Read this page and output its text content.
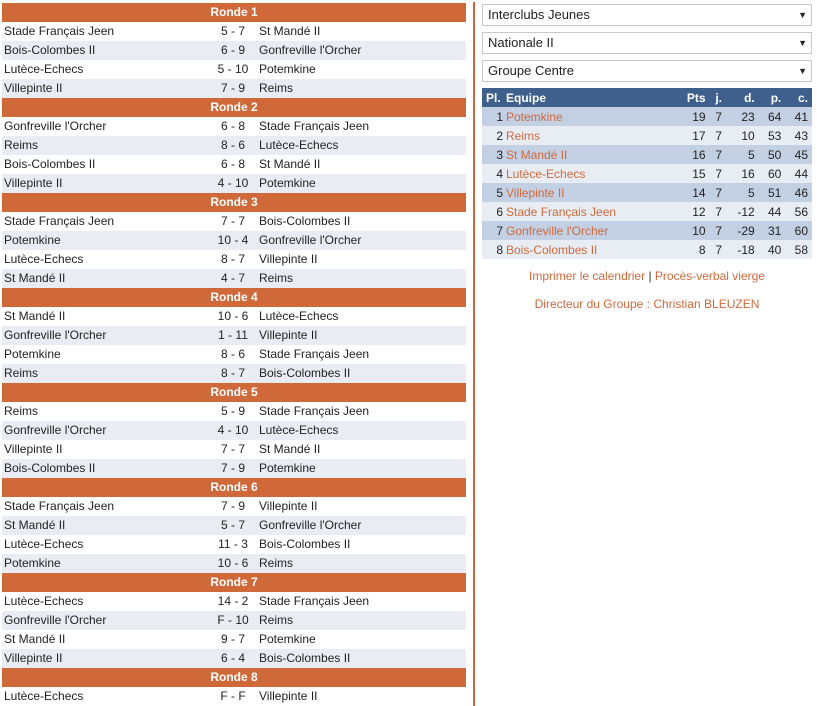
Ronde 1
Stade Français Jeen	5 - 7	St Mandé II
Bois-Colombes II	6 - 9	Gonfreville l'Orcher
Lutèce-Echecs	5 - 10 Potemkine
Villepinte II	7 - 9	Reims
Ronde 2
Gonfreville l'Orcher	6 - 8	Stade Français Jeen
Reims	8 - 6	Lutèce-Echecs
Bois-Colombes II	6 - 8	St Mandé II
Villepinte II	4 - 10 Potemkine
Ronde 3
Stade Français Jeen	7 - 7	Bois-Colombes II
Potemkine	10 - 4 Gonfreville l'Orcher
Lutèce-Echecs	8 - 7	Villepinte II
St Mandé II	4 - 7	Reims
Ronde 4
St Mandé II	10 - 6 Lutèce-Echecs
Gonfreville l'Orcher	1 - 11 Villepinte II
Potemkine	8 - 6	Stade Français Jeen
Reims	8 - 7	Bois-Colombes II
Ronde 5
Reims	5 - 9	Stade Français Jeen
Gonfreville l'Orcher	4 - 10 Lutèce-Echecs
Villepinte II	7 - 7	St Mandé II
Bois-Colombes II	7 - 9	Potemkine
Ronde 6
Stade Français Jeen	7 - 9	Villepinte II
St Mandé II	5 - 7	Gonfreville l'Orcher
Lutèce-Echecs	11 - 3 Bois-Colombes II
Potemkine	10 - 6 Reims
Ronde 7
Lutèce-Echecs	14 - 2 Stade Français Jeen
Gonfreville l'Orcher	F - 10 Reims
St Mandé II	9 - 7	Potemkine
Villepinte II	6 - 4	Bois-Colombes II
Ronde 8
Lutèce-Echecs	F - F	Villepinte II
Interclubs Jeunes	▼
Nationale II	▼
Groupe Centre	▼
Pl.	Equipe	Pts	j.	d.	p.	c.
1	Potemkine	19	7	23	64	41
2	Reims	17	7	10	53	43
3	St Mandé II	16	7	5	50	45
4	Lutèce-Echecs	15	7	16	60	44
5	Villepinte II	14	7	5	51	46
6	Stade Français Jeen	12	7	-12	44	56
7	Gonfreville l'Orcher	10	7	-29	31	60
8	Bois-Colombes II	8	7	-18	40	58
Imprimer le calendrier | Procès-verbal vierge
Directeur du Groupe : Christian BLEUZEN
